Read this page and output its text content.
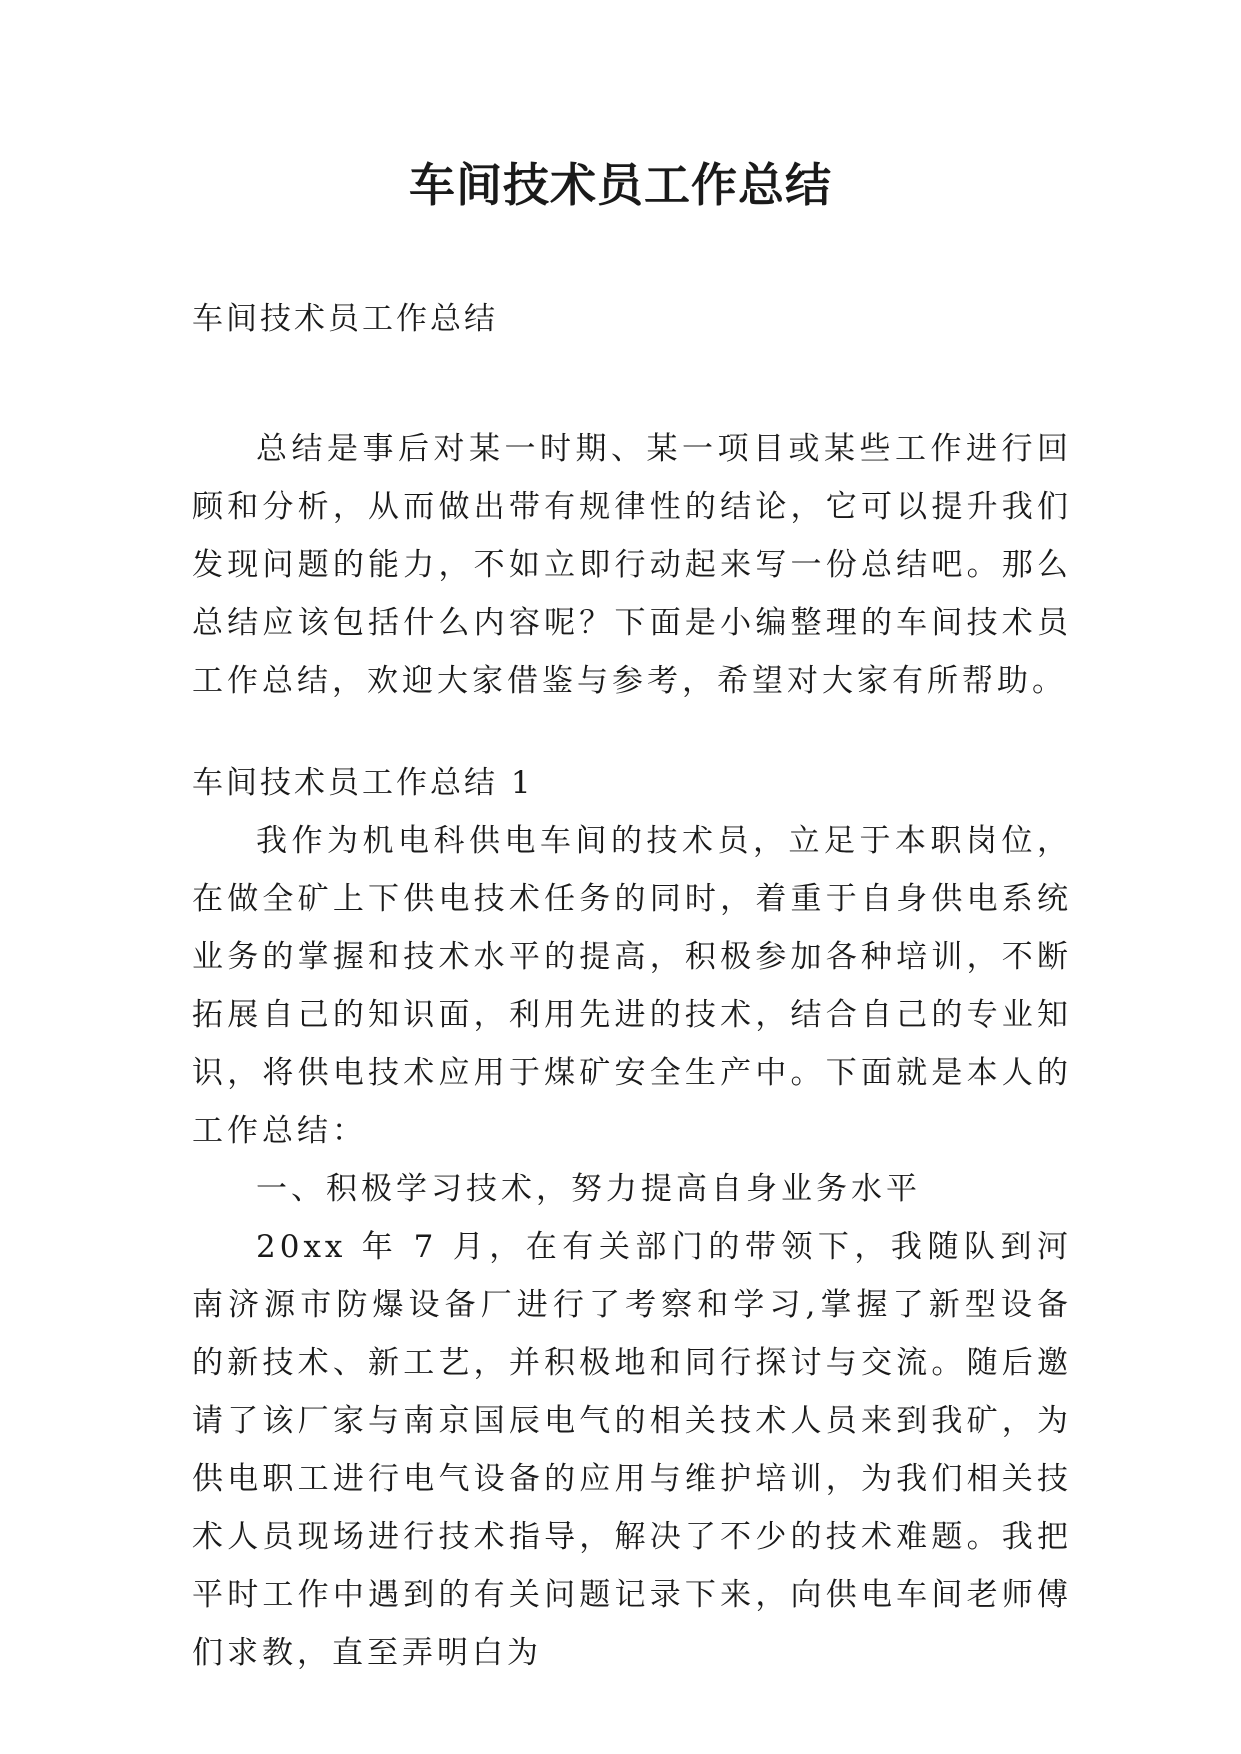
车间技术员工作总结

车间技术员工作总结

总结是事后对某一时期、某一项目或某些工作进行回顾和分析，从而做出带有规律性的结论，它可以提升我们发现问题的能力，不如立即行动起来写一份总结吧。那么总结应该包括什么内容呢？下面是小编整理的车间技术员工作总结，欢迎大家借鉴与参考，希望对大家有所帮助。

车间技术员工作总结 1

我作为机电科供电车间的技术员，立足于本职岗位，在做全矿上下供电技术任务的同时，着重于自身供电系统业务的掌握和技术水平的提高，积极参加各种培训，不断拓展自己的知识面，利用先进的技术，结合自己的专业知识，将供电技术应用于煤矿安全生产中。下面就是本人的工作总结：

一、积极学习技术，努力提高自身业务水平

20xx 年 7 月，在有关部门的带领下，我随队到河南济源市防爆设备厂进行了考察和学习,掌握了新型设备的新技术、新工艺，并积极地和同行探讨与交流。随后邀请了该厂家与南京国辰电气的相关技术人员来到我矿，为供电职工进行电气设备的应用与维护培训，为我们相关技术人员现场进行技术指导，解决了不少的技术难题。我把平时工作中遇到的有关问题记录下来，向供电车间老师傅们求教，直至弄明白为
